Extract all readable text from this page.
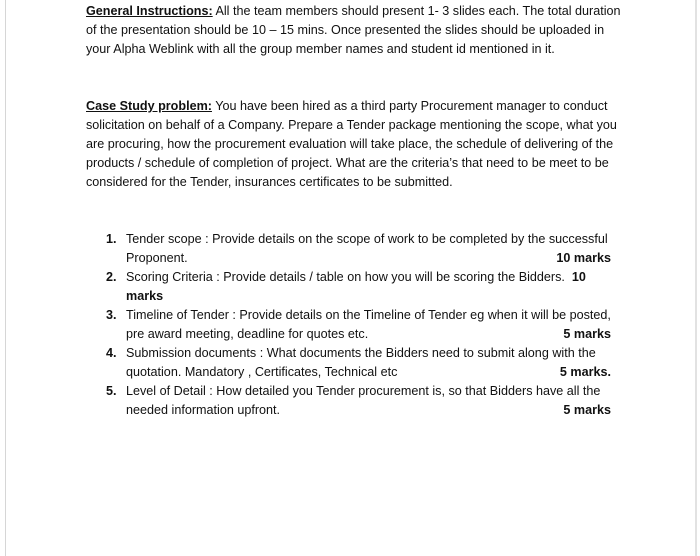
General Instructions: All the team members should present 1- 3 slides each. The total duration of the presentation should be 10 – 15 mins. Once presented the slides should be uploaded in your Alpha Weblink with all the group member names and student id mentioned in it.

Case Study problem: You have been hired as a third party Procurement manager to conduct solicitation on behalf of a Company. Prepare a Tender package mentioning the scope, what you are procuring, how the procurement evaluation will take place, the schedule of delivering of the products / schedule of completion of project. What are the criteria’s that need to be meet to be considered for the Tender, insurances certificates to be submitted.

1. Tender scope : Provide details on the scope of work to be completed by the successful Proponent.	10 marks
2. Scoring Criteria : Provide details / table on how you will be scoring the Bidders. 10 marks
3. Timeline of Tender : Provide details on the Timeline of Tender eg when it will be posted, pre award meeting, deadline for quotes etc.	5 marks
4. Submission documents : What documents the Bidders need to submit along with the quotation. Mandatory , Certificates, Technical etc	5 marks.
5. Level of Detail : How detailed you Tender procurement is, so that Bidders have all the needed information upfront.	5 marks
